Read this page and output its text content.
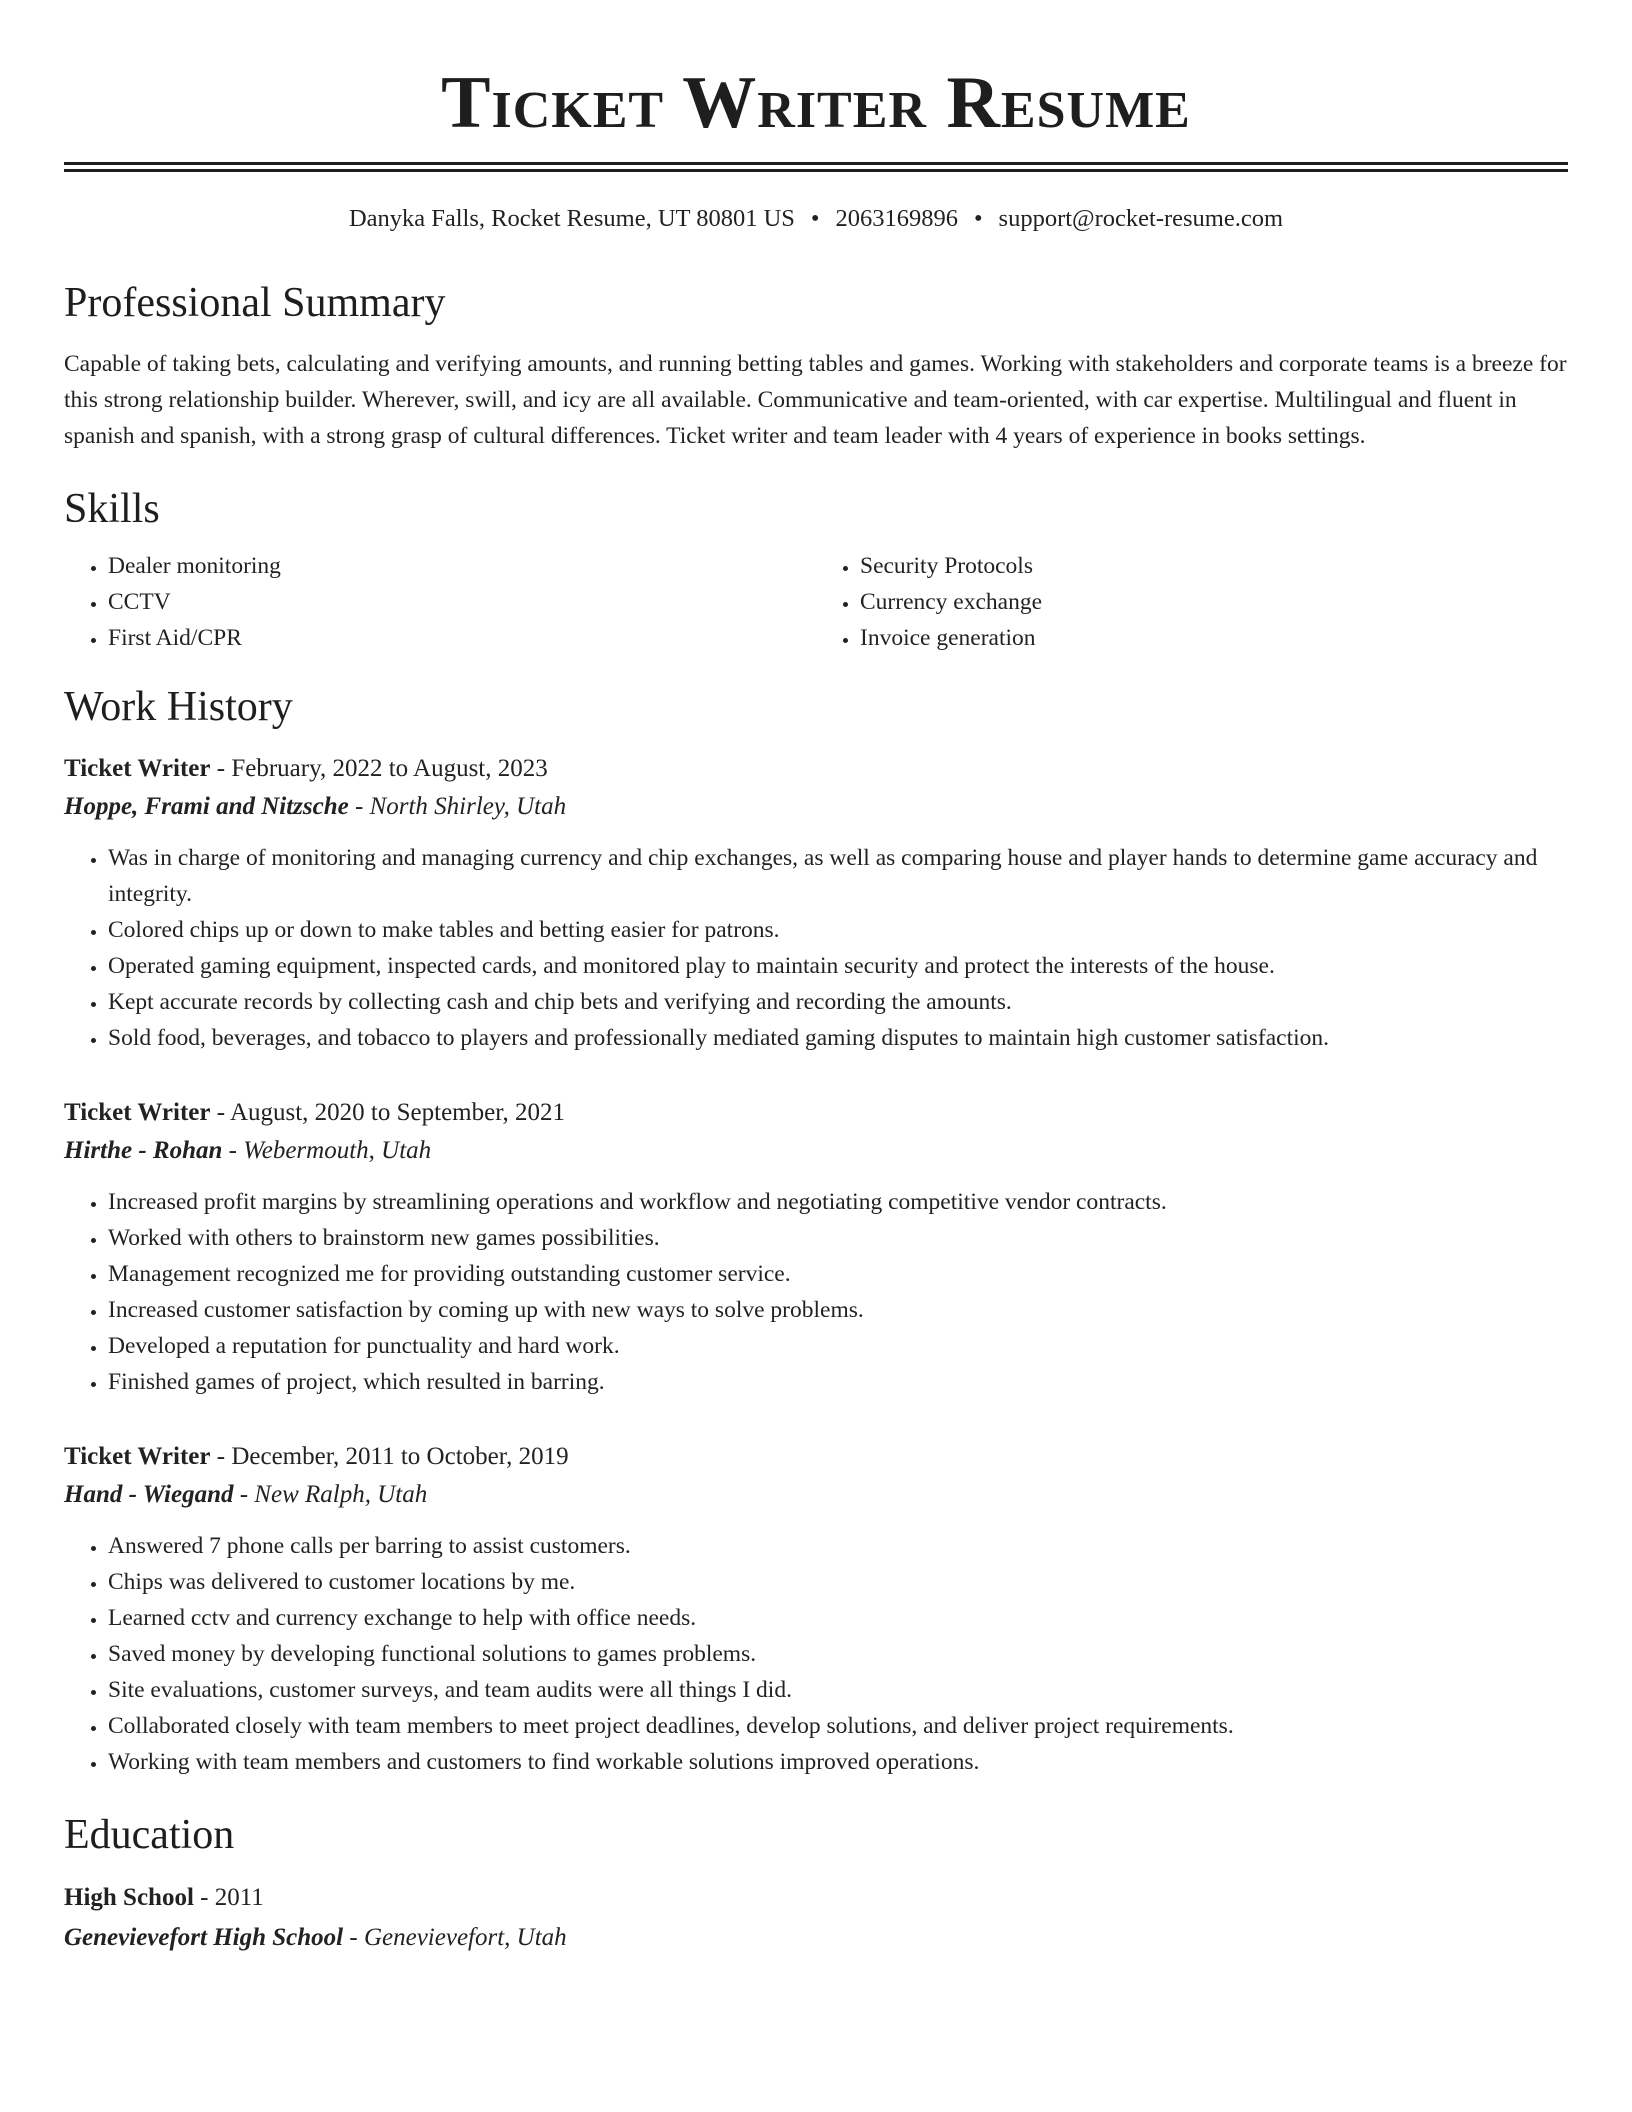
Ticket Writer Resume
Danyka Falls, Rocket Resume, UT 80801 US • 2063169896 • support@rocket-resume.com
Professional Summary

Capable of taking bets, calculating and verifying amounts, and running betting tables and games. Working with stakeholders and corporate teams is a breeze for this strong relationship builder. Wherever, swill, and icy are all available. Communicative and team-oriented, with car expertise. Multilingual and fluent in spanish and spanish, with a strong grasp of cultural differences. Ticket writer and team leader with 4 years of experience in books settings.

Skills
• Dealer monitoring
• CCTV
• First Aid/CPR
• Security Protocols
• Currency exchange
• Invoice generation
Work History
Ticket Writer - February, 2022 to August, 2023
Hoppe, Frami and Nitzsche - North Shirley, Utah
• Was in charge of monitoring and managing currency and chip exchanges, as well as comparing house and player hands to determine game accuracy and integrity.
• Colored chips up or down to make tables and betting easier for patrons.
• Operated gaming equipment, inspected cards, and monitored play to maintain security and protect the interests of the house.
• Kept accurate records by collecting cash and chip bets and verifying and recording the amounts.
• Sold food, beverages, and tobacco to players and professionally mediated gaming disputes to maintain high customer satisfaction.
Ticket Writer - August, 2020 to September, 2021
Hirthe - Rohan - Webermouth, Utah
• Increased profit margins by streamlining operations and workflow and negotiating competitive vendor contracts.
• Worked with others to brainstorm new games possibilities.
• Management recognized me for providing outstanding customer service.
• Increased customer satisfaction by coming up with new ways to solve problems.
• Developed a reputation for punctuality and hard work.
• Finished games of project, which resulted in barring.
Ticket Writer - December, 2011 to October, 2019
Hand - Wiegand - New Ralph, Utah
• Answered 7 phone calls per barring to assist customers.
• Chips was delivered to customer locations by me.
• Learned cctv and currency exchange to help with office needs.
• Saved money by developing functional solutions to games problems.
• Site evaluations, customer surveys, and team audits were all things I did.
• Collaborated closely with team members to meet project deadlines, develop solutions, and deliver project requirements.
• Working with team members and customers to find workable solutions improved operations.
Education
High School - 2011
Genevievefort High School - Genevievefort, Utah
